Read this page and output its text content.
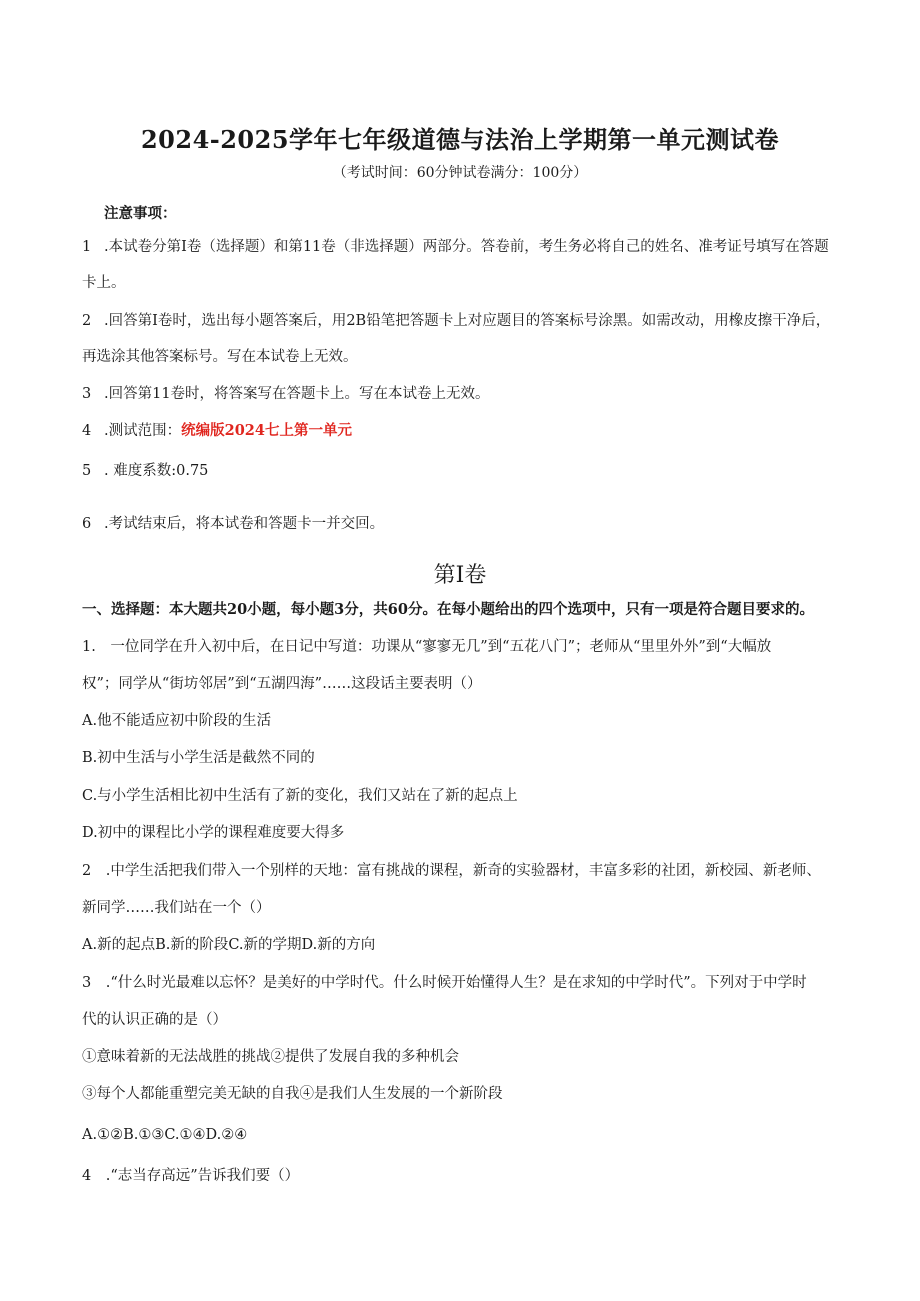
2024-2025学年七年级道德与法治上学期第一单元测试卷
（考试时间：60分钟试卷满分：100分）
注意事项：
1 .本试卷分第I卷（选择题）和第11卷（非选择题）两部分。答卷前，考生务必将自己的姓名、准考证号填写在答题
卡上。
2 .回答第I卷时，选出每小题答案后，用2B铅笔把答题卡上对应题目的答案标号涂黑。如需改动，用橡皮擦干净后，
再选涂其他答案标号。写在本试卷上无效。
3 .回答第11卷时，将答案写在答题卡上。写在本试卷上无效。
4 .测试范围：统编版2024七上第一单元
5 . 难度系数:0.75
6 .考试结束后，将本试卷和答题卡一并交回。
第I卷
一、选择题：本大题共20小题，每小题3分，共60分。在每小题给出的四个选项中，只有一项是符合题目要求的。
1.　一位同学在升入初中后，在日记中写道：功课从“寥寥无几”到“五花八门”；老师从“里里外外”到“大幅放
权”；同学从“街坊邻居”到“五湖四海”……这段话主要表明（）
A.他不能适应初中阶段的生活
B.初中生活与小学生活是截然不同的
C.与小学生活相比初中生活有了新的变化，我们又站在了新的起点上
D.初中的课程比小学的课程难度要大得多
2　.中学生活把我们带入一个别样的天地：富有挑战的课程，新奇的实验器材，丰富多彩的社团，新校园、新老师、
新同学……我们站在一个（）
A.新的起点B.新的阶段C.新的学期D.新的方向
3　.“什么时光最难以忘怀？是美好的中学时代。什么时候开始懂得人生？是在求知的中学时代”。下列对于中学时
代的认识正确的是（）
①意味着新的无法战胜的挑战②提供了发展自我的多种机会
③每个人都能重塑完美无缺的自我④是我们人生发展的一个新阶段
A.①②B.①③C.①④D.②④
4　.“志当存高远”告诉我们要（）
